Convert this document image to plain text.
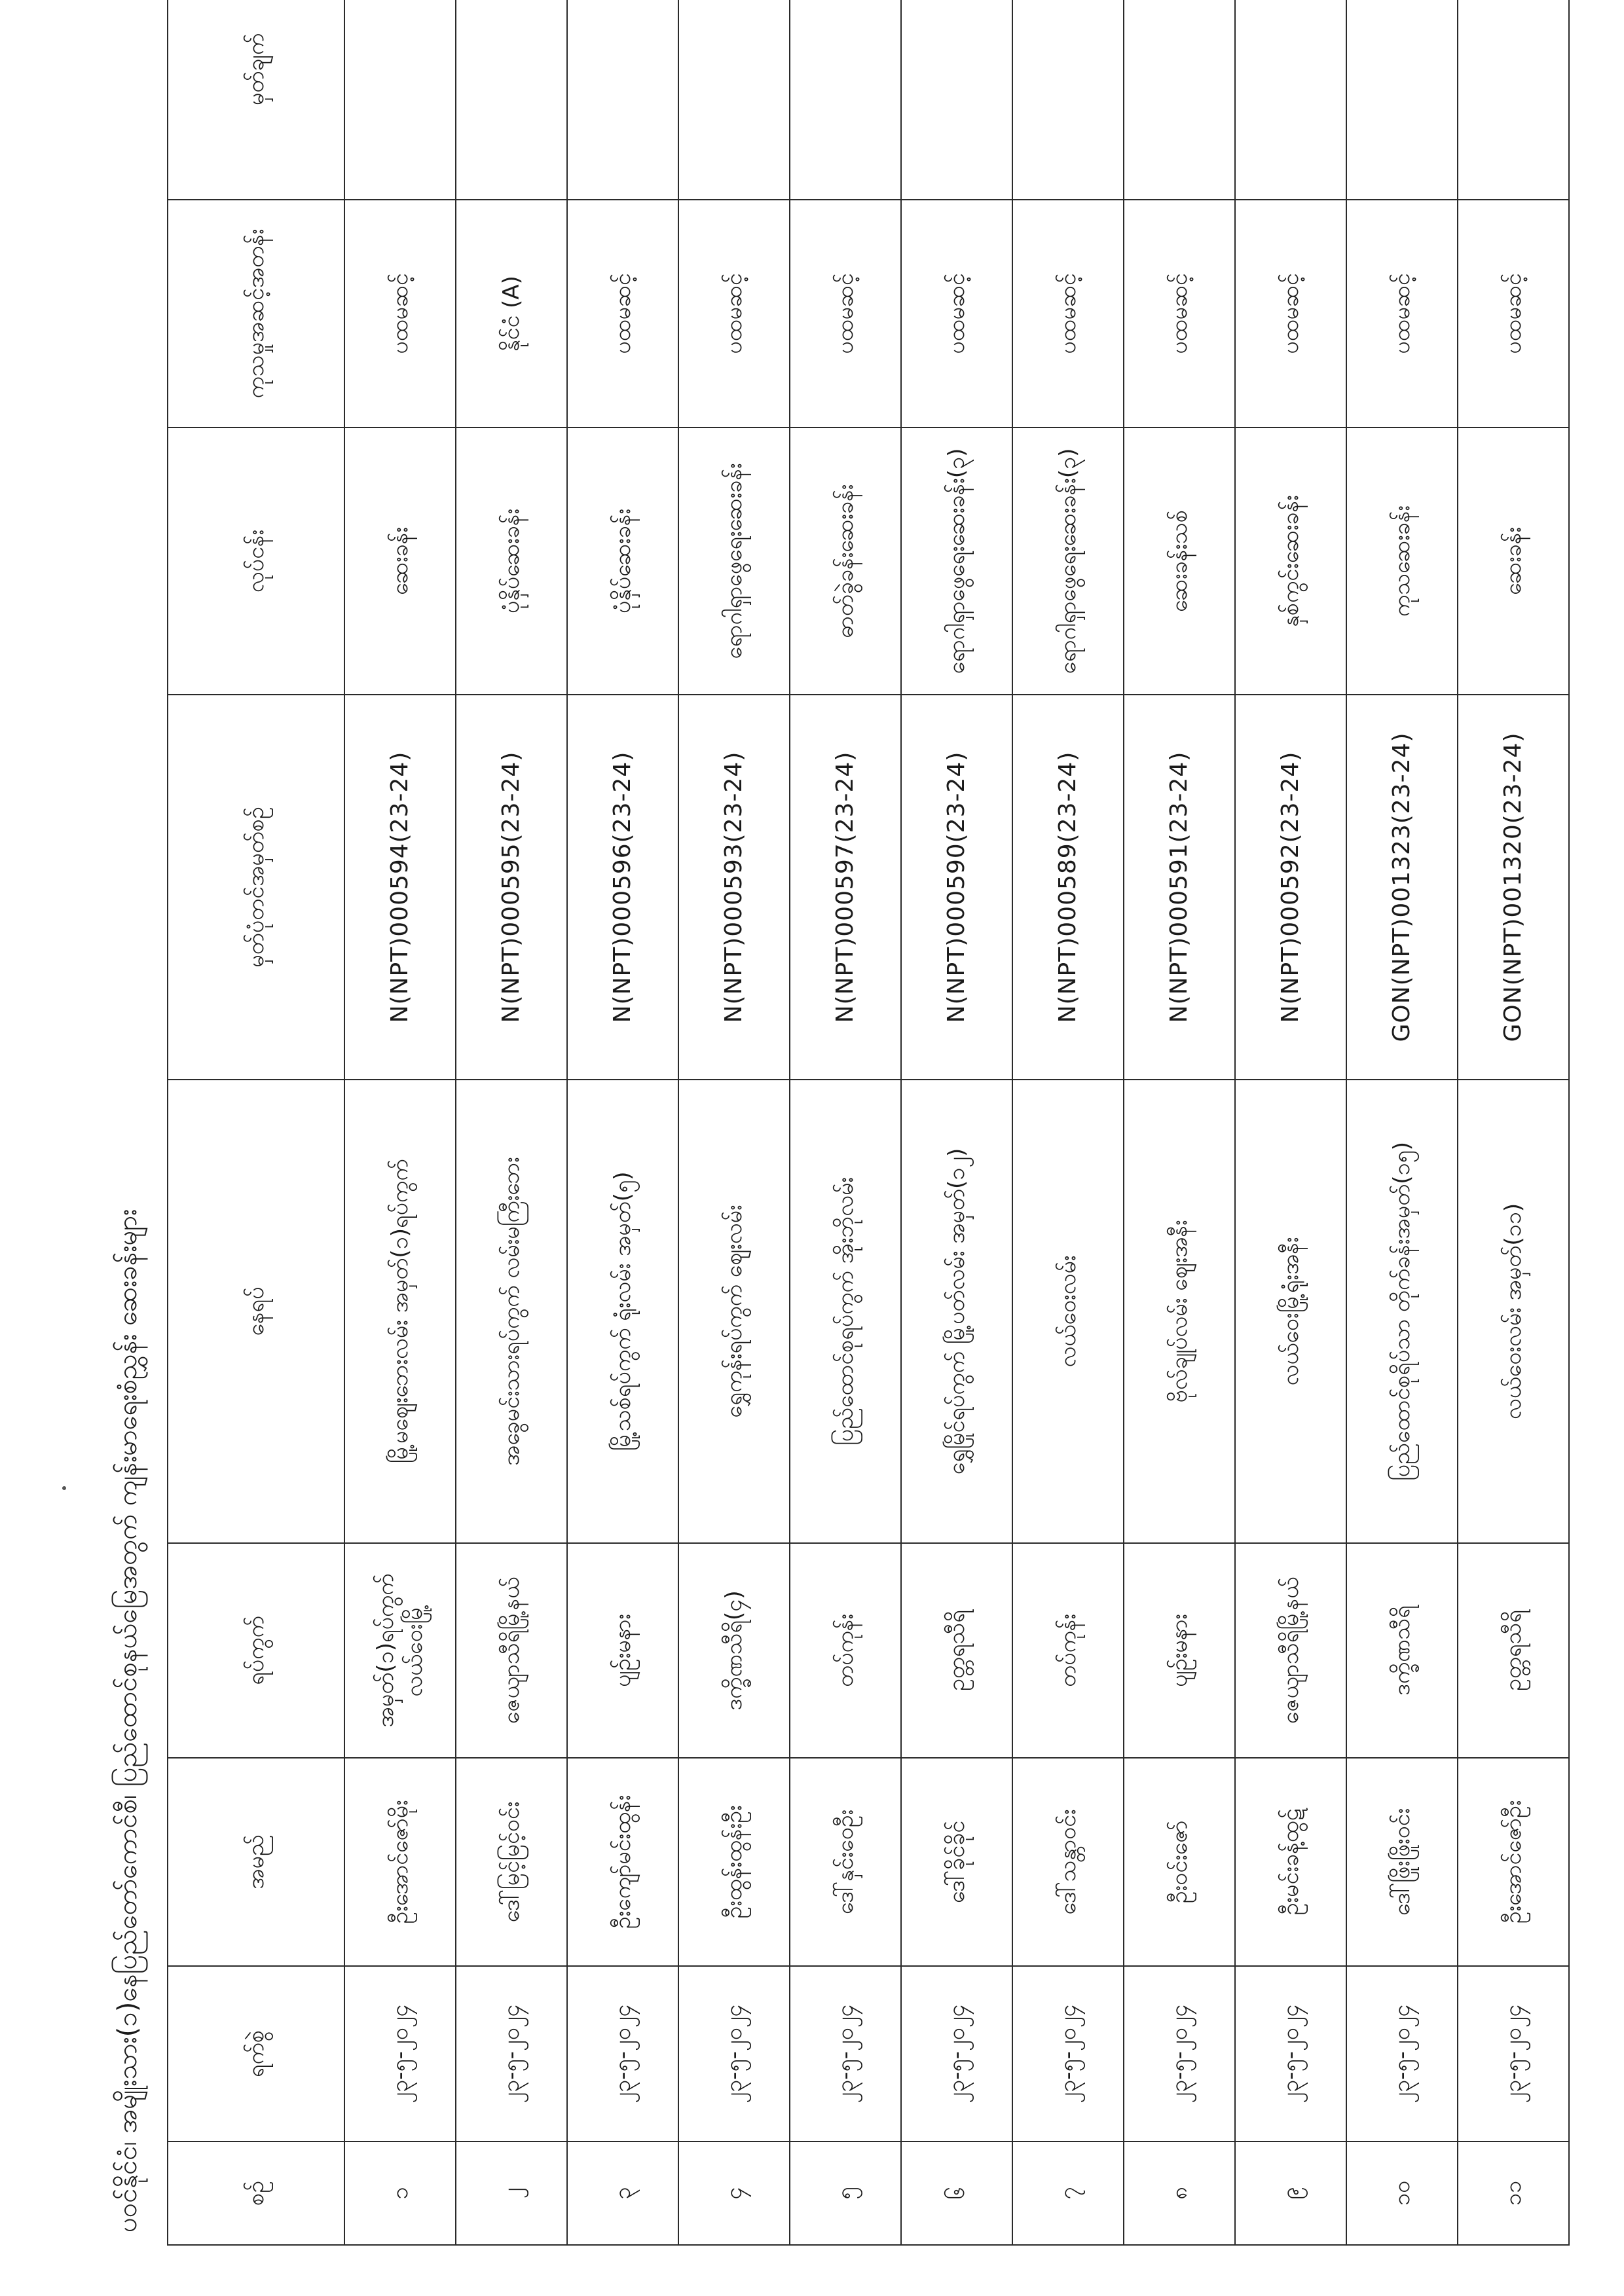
ပဝင်နိုင်ငံ၊ အမျိုးသား(၁)နေပြည်တော်ကောင်စီ၊ ပြည်ထောင်စုနယ်မြေအတွက် ကျန်းမာရေးစံညွှန်း ဆေးခန်းများ	စဉ်	ရက်စွဲ	အမည်	ရပ်ကွက်	နေရပ်	မှတ်ပုံတင်အမှတ်စဉ်	လုပ်ငန်း	ကုသမှုအဆင့်အတန်း	မှတ်ချက်
၁	၂၃-၅-၂၀၂၄	ဦးအောင်ဇော်မိုး	အမှတ်(၁)ရပ်ကွက် လယ်ဝေးမြို့	မြို့မဈေးဘေးလမ်း အမှတ်(၁)ရပ်ကွက်	N(NPT)000594(23-24)	ဆေးခန်း	ပထမဆင့်	
၂	၂၃-၅-၂၀၂၄	ဒေါ်မြင့်မြင့်ဝင်း	ဇေယျာသီရိမြို့နယ်	အခွေမင်းသားရပ်ကွက် လမ်းမကြီးဘေး	N(NPT)000595(23-24)	ပုံနှိပ်ဆေးခန်း	နိုင်ငံ (A)	
၃	၂၃-၅-၂၀၂၄	ဦးကျော်မင်းထွန်း	ပျဉ်းမနား	မြို့သစ်ရပ်ကွက် ရုံးလမ်း အမှတ်(၅)	N(NPT)000596(23-24)	ပုံနှိပ်ဆေးခန်း	ပထမဆင့်	
၄	၂၃-၅-၂၀၂၄	ဦးထွန်းထွန်းဦး	ဒက္ခိဏသီရိ(၄)	ရွှေကုန်းရပ်ကွက် ဈေးလမ်း	N(NPT)000593(23-24)	ရောဂါရှာဖွေရေးဆေးခန်း	ပထမဆင့်	
၅	၂၃-၅-၂၀၂၄	ဒေါ်နှင်းဝေဦး	တပ်ကုန်း	ပြည်ထောင်စုရပ်ကွက် အိုးဘိုလမ်း	N(NPT)000597(23-24)	ဓာတ်ခွဲခန်းဆေးခန်း	ပထမဆင့်	
၆	၂၃-၅-၂၀၂၄	ဒေါ်ခိုင်ခိုင်	ဥတ္တရသီရိ	ရွှေမြိုင်ရပ်ကွက် မြို့ပတ်လမ်း အမှတ်(၁၂)	N(NPT)000590(23-24)	ရောဂါရှာဖွေရေးဆေးခန်း(၃)	ပထမဆင့်	
၇	၂၃-၅-၂၀၂၄	ဒေါ်သန္တာဝင်း	တပ်ကုန်း	လယ်ဝေးလမ်း	N(NPT)000589(23-24)	ရောဂါရှာဖွေရေးဆေးခန်း(၃)	ပထမဆင့်	
၈	၂၃-၅-၂၀၂၄	ဦးဝင်းဇော်	ပျဉ်းမနား	ဗိုလ်ချုပ်လမ်း ဈေးအနီး	N(NPT)000591(23-24)	ဆေးခန်းသစ်	ပထမဆင့်	
၉	၂၃-၅-၂၀၂၄	ဦးမင်းခန့်ထွဋ်	ဇေယျာသီရိမြို့နယ်	လယ်ဝေးမြို့ရုံးအနီး	N(NPT)000592(23-24)	နှစ်ကွင်းဆေးခန်း	ပထမဆင့်	
၁၀	၂၃-၅-၂၀၂၄	ဒေါ်ဖြိုးဖြိုးဝင်း	ဒက္ခိဏသီရိ	ပြည်ထောင်စုရိပ်သာ တိုက်ခန်းအမှတ်(၁၅)	GON(NPT)001323(23-24)	ကုသဆေးခန်း	ပထမဆင့်	
၁၁	၂၃-၅-၂၀၂၄	ဦးအောင်ဇော်ဦး	ဥတ္တရသီရိ	လယ်ဝေးလမ်း အမှတ်(၁၁)	GON(NPT)001320(23-24)	ဆေးခန်း	ပထမဆင့်	
